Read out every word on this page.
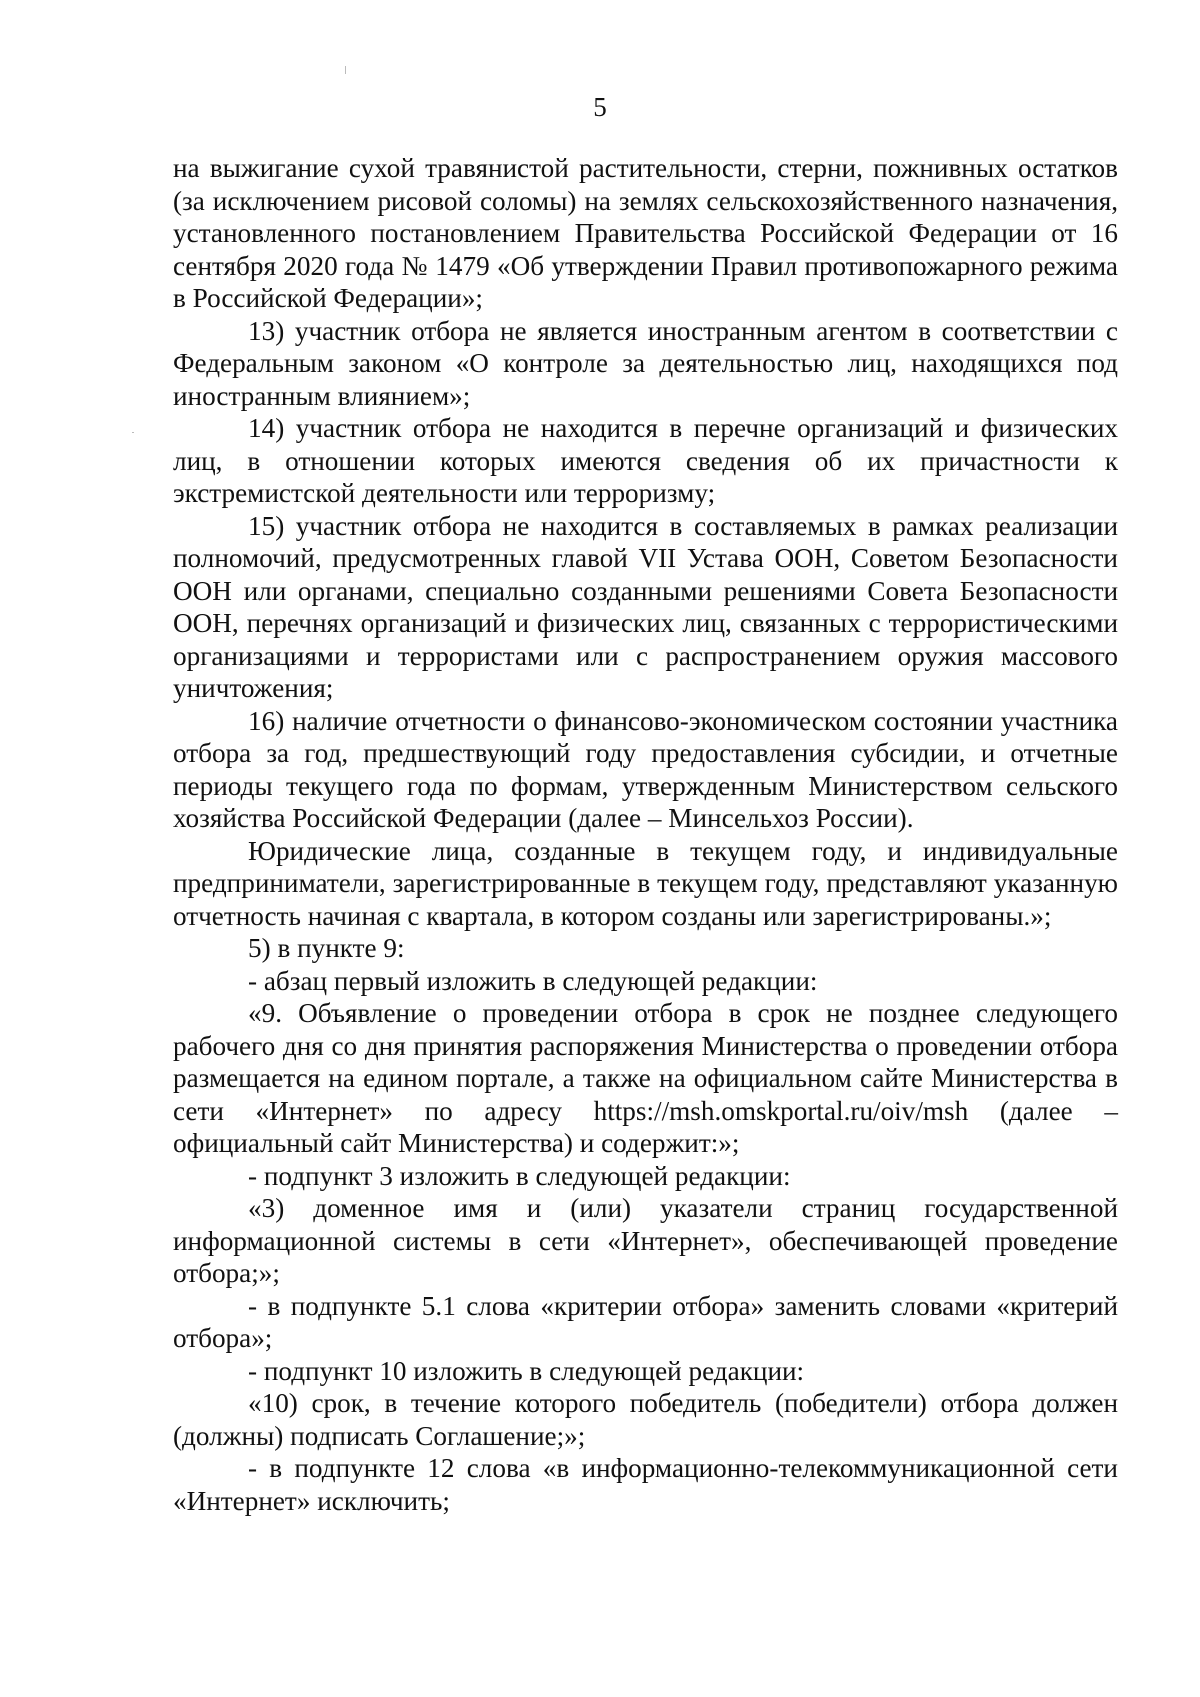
5

на выжигание сухой травянистой растительности, стерни, пожнивных остатков (за исключением рисовой соломы) на землях сельскохозяйственного назначения, установленного постановлением Правительства Российской Федерации от 16 сентября 2020 года № 1479 «Об утверждении Правил противопожарного режима в Российской Федерации»;

13) участник отбора не является иностранным агентом в соответствии с Федеральным законом «О контроле за деятельностью лиц, находящихся под иностранным влиянием»;

14) участник отбора не находится в перечне организаций и физических лиц, в отношении которых имеются сведения об их причастности к экстремистской деятельности или терроризму;

15) участник отбора не находится в составляемых в рамках реализации полномочий, предусмотренных главой VII Устава ООН, Советом Безопасности ООН или органами, специально созданными решениями Совета Безопасности ООН, перечнях организаций и физических лиц, связанных с террористическими организациями и террористами или с распространением оружия массового уничтожения;

16) наличие отчетности о финансово-экономическом состоянии участника отбора за год, предшествующий году предоставления субсидии, и отчетные периоды текущего года по формам, утвержденным Министерством сельского хозяйства Российской Федерации (далее – Минсельхоз России).

Юридические лица, созданные в текущем году, и индивидуальные предприниматели, зарегистрированные в текущем году, представляют указанную отчетность начиная с квартала, в котором созданы или зарегистрированы.»;

5) в пункте 9:

- абзац первый изложить в следующей редакции:

«9. Объявление о проведении отбора в срок не позднее следующего рабочего дня со дня принятия распоряжения Министерства о проведении отбора размещается на едином портале, а также на официальном сайте Министерства в сети «Интернет» по адресу https://msh.omskportal.ru/oiv/msh (далее – официальный сайт Министерства) и содержит:»;

- подпункт 3 изложить в следующей редакции:

«3) доменное имя и (или) указатели страниц государственной информационной системы в сети «Интернет», обеспечивающей проведение отбора;»;

- в подпункте 5.1 слова «критерии отбора» заменить словами «критерий отбора»;

- подпункт 10 изложить в следующей редакции:

«10) срок, в течение которого победитель (победители) отбора должен (должны) подписать Соглашение;»;

- в подпункте 12 слова «в информационно-телекоммуникационной сети «Интернет» исключить;
